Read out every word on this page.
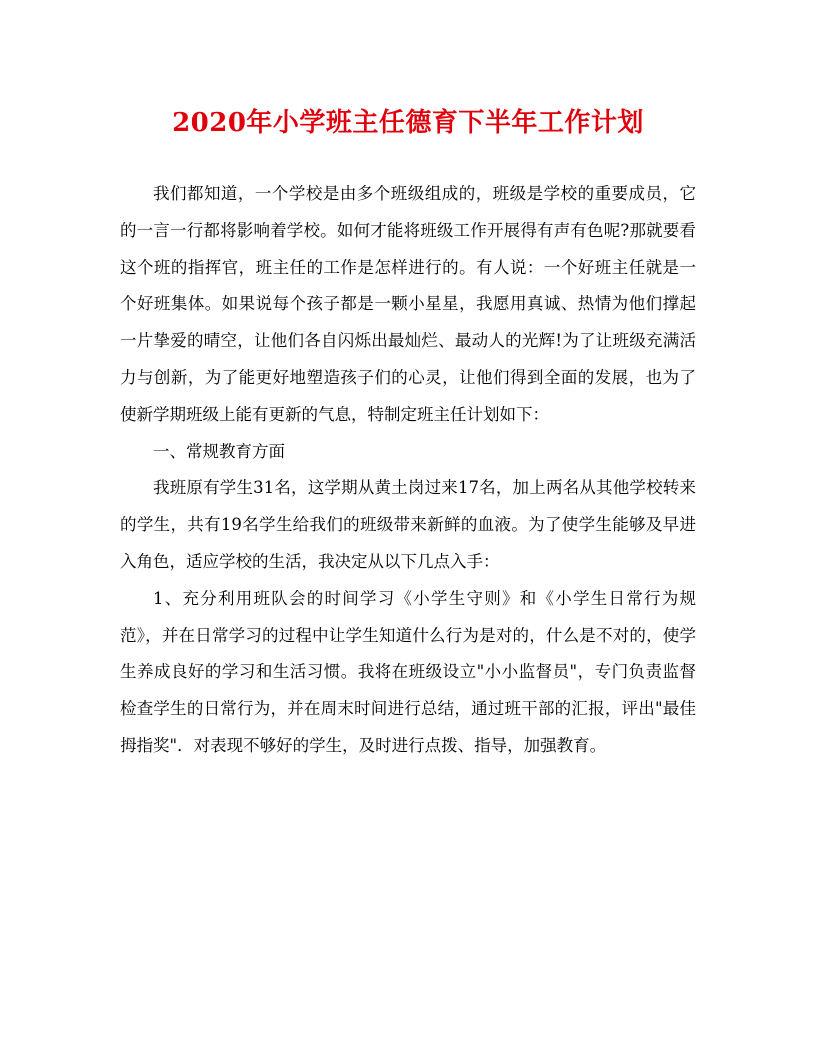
2020年小学班主任德育下半年工作计划

我们都知道，一个学校是由多个班级组成的，班级是学校的重要成员，它的一言一行都将影响着学校。如何才能将班级工作开展得有声有色呢?那就要看这个班的指挥官，班主任的工作是怎样进行的。有人说：一个好班主任就是一个好班集体。如果说每个孩子都是一颗小星星，我愿用真诚、热情为他们撑起一片挚爱的晴空，让他们各自闪烁出最灿烂、最动人的光辉!为了让班级充满活力与创新，为了能更好地塑造孩子们的心灵，让他们得到全面的发展，也为了使新学期班级上能有更新的气息，特制定班主任计划如下：

一、常规教育方面

我班原有学生31名，这学期从黄土岗过来17名，加上两名从其他学校转来的学生，共有19名学生给我们的班级带来新鲜的血液。为了使学生能够及早进入角色，适应学校的生活，我决定从以下几点入手：

1、充分利用班队会的时间学习《小学生守则》和《小学生日常行为规范》，并在日常学习的过程中让学生知道什么行为是对的，什么是不对的，使学生养成良好的学习和生活习惯。我将在班级设立"小小监督员"，专门负责监督检查学生的日常行为，并在周末时间进行总结，通过班干部的汇报，评出"最佳拇指奖"．对表现不够好的学生，及时进行点拨、指导，加强教育。
